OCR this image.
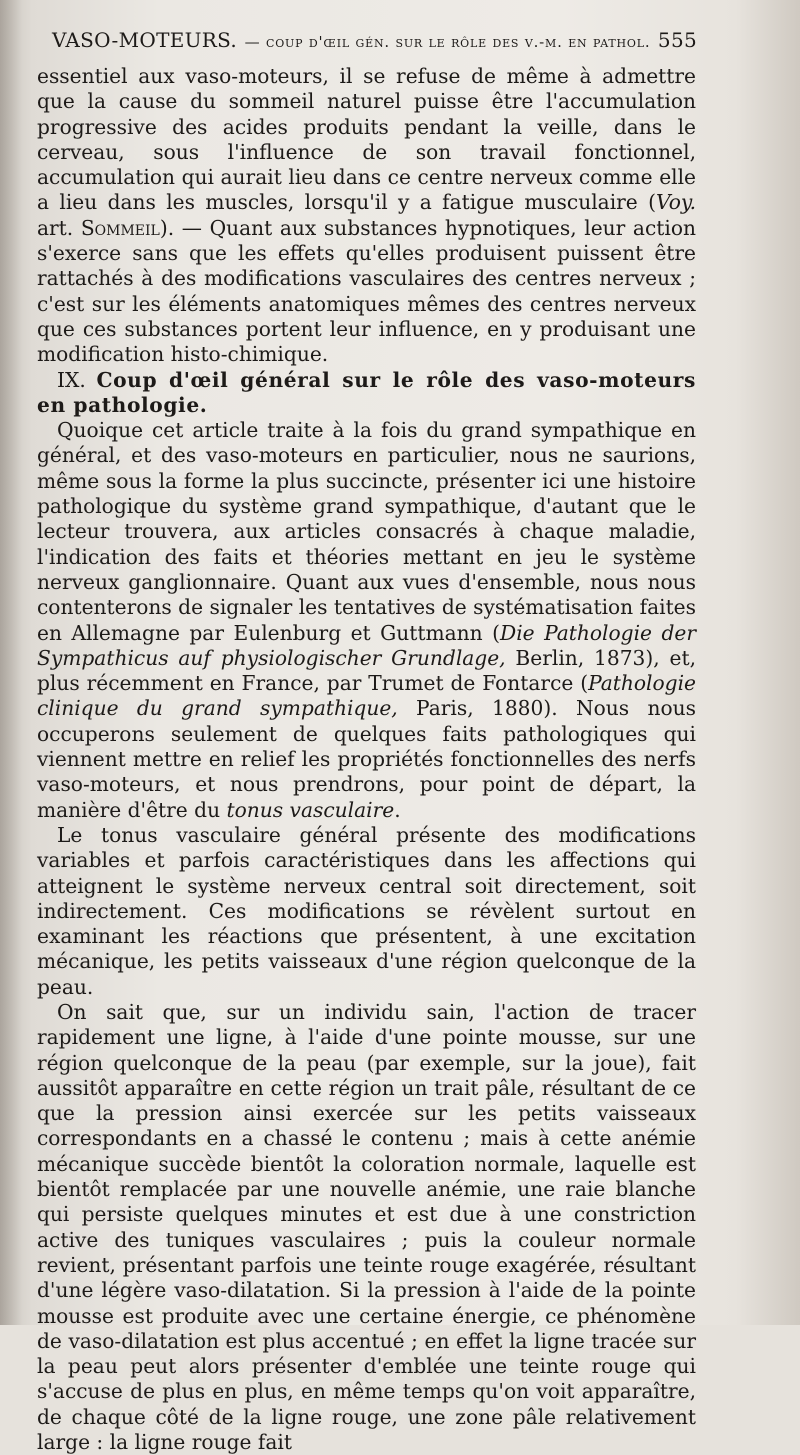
VASO-MOTEURS. — coup d'œil gén. sur le rôle des v.-m. en pathol. 555

essentiel aux vaso-moteurs, il se refuse de même à admettre que la cause du sommeil naturel puisse être l'accumulation progressive des acides produits pendant la veille, dans le cerveau, sous l'influence de son travail fonctionnel, accumulation qui aurait lieu dans ce centre nerveux comme elle a lieu dans les muscles, lorsqu'il y a fatigue musculaire (Voy. art. Sommeil). — Quant aux substances hypnotiques, leur action s'exerce sans que les effets qu'elles produisent puissent être rattachés à des modifications vasculaires des centres nerveux ; c'est sur les éléments anatomiques mêmes des centres nerveux que ces substances portent leur influence, en y produisant une modification histo-chimique.

IX. Coup d'œil général sur le rôle des vaso-moteurs en pathologie.

Quoique cet article traite à la fois du grand sympathique en général, et des vaso-moteurs en particulier, nous ne saurions, même sous la forme la plus succincte, présenter ici une histoire pathologique du système grand sympathique, d'autant que le lecteur trouvera, aux articles consacrés à chaque maladie, l'indication des faits et théories mettant en jeu le système nerveux ganglionnaire. Quant aux vues d'ensemble, nous nous contenterons de signaler les tentatives de systématisation faites en Allemagne par Eulenburg et Guttmann (Die Pathologie der Sympathicus auf physiologischer Grundlage, Berlin, 1873), et, plus récemment en France, par Trumet de Fontarce (Pathologie clinique du grand sympathique, Paris, 1880). Nous nous occuperons seulement de quelques faits pathologiques qui viennent mettre en relief les propriétés fonctionnelles des nerfs vaso-moteurs, et nous prendrons, pour point de départ, la manière d'être du tonus vasculaire.

Le tonus vasculaire général présente des modifications variables et parfois caractéristiques dans les affections qui atteignent le système nerveux central soit directement, soit indirectement. Ces modifications se révèlent surtout en examinant les réactions que présentent, à une excitation mécanique, les petits vaisseaux d'une région quelconque de la peau.

On sait que, sur un individu sain, l'action de tracer rapidement une ligne, à l'aide d'une pointe mousse, sur une région quelconque de la peau (par exemple, sur la joue), fait aussitôt apparaître en cette région un trait pâle, résultant de ce que la pression ainsi exercée sur les petits vaisseaux correspondants en a chassé le contenu ; mais à cette anémie mécanique succède bientôt la coloration normale, laquelle est bientôt remplacée par une nouvelle anémie, une raie blanche qui persiste quelques minutes et est due à une constriction active des tuniques vasculaires ; puis la couleur normale revient, présentant parfois une teinte rouge exagérée, résultant d'une légère vaso-dilatation. Si la pression à l'aide de la pointe mousse est produite avec une certaine énergie, ce phénomène de vaso-dilatation est plus accentué ; en effet la ligne tracée sur la peau peut alors présenter d'emblée une teinte rouge qui s'accuse de plus en plus, en même temps qu'on voit apparaître, de chaque côté de la ligne rouge, une zone pâle relativement large : la ligne rouge fait
